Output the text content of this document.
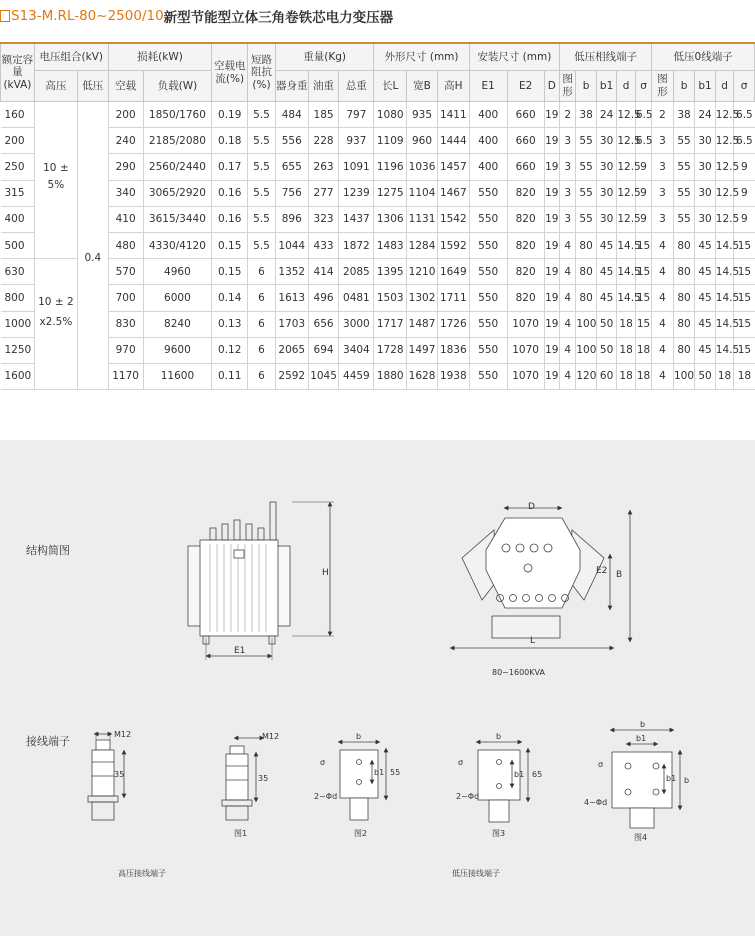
S13-M.RL-80~2500/10 新型节能型立体三角卷铁芯电力变压器
额定容量(kVA)	电压组合(kV)		损耗(kW)		空载电流(%)	短路阻抗(%)	重量(Kg)			外形尺寸 (mm)			安装尺寸 (mm)			低压相线端子					低压0线端子				
	高压	低压	空载	负载(W)			器身重	油重	总重	长L	宽B	高H	E1	E2	D	图形	b	b1	d	σ	图形	b	b1	d	σ
160	10 ± 5%	0.4	200	1850/1760	0.19	5.5	484	185	797	1080	935	1411	400	660	19	2	38	24	12.5	6.5	2	38	24	12.5	6.5
200			240	2185/2080	0.18	5.5	556	228	937	1109	960	1444	400	660	19	3	55	30	12.5	6.5	3	55	30	12.5	6.5
250			290	2560/2440	0.17	5.5	655	263	1091	1196	1036	1457	400	660	19	3	55	30	12.5	9	3	55	30	12.5	9
315			340	3065/2920	0.16	5.5	756	277	1239	1275	1104	1467	550	820	19	3	55	30	12.5	9	3	55	30	12.5	9
400			410	3615/3440	0.16	5.5	896	323	1437	1306	1131	1542	550	820	19	3	55	30	12.5	9	3	55	30	12.5	9
500			480	4330/4120	0.15	5.5	1044	433	1872	1483	1284	1592	550	820	19	4	80	45	14.5	15	4	80	45	14.5	15
630	10 ± 2 x2.5%		570	4960	0.15	6	1352	414	2085	1395	1210	1649	550	820	19	4	80	45	14.5	15	4	80	45	14.5	15
800			700	6000	0.14	6	1613	496	0481	1503	1302	1711	550	820	19	4	80	45	14.5	15	4	80	45	14.5	15
1000			830	8240	0.13	6	1703	656	3000	1717	1487	1726	550	1070	19	4	100	50	18	15	4	80	45	14.5	15
1250			970	9600	0.12	6	2065	694	3404	1728	1497	1836	550	1070	19	4	100	50	18	18	4	80	45	14.5	15
1600			1170	11600	0.11	6	2592	1045	4459	1880	1628	1938	550	1070	19	4	120	60	18	18	4	100	50	18	18
结构简图
接线端子
H
E1
D
E2 B
L
80~1600KVA
M12
35
M12
35
b
σ
b1 55
2~Φd
b
σ
b1 65
2~Φd
b
b1
σ
b1 b
4~Φd
图1	图2	图3	图4
高压接线端子	低压接线端子
